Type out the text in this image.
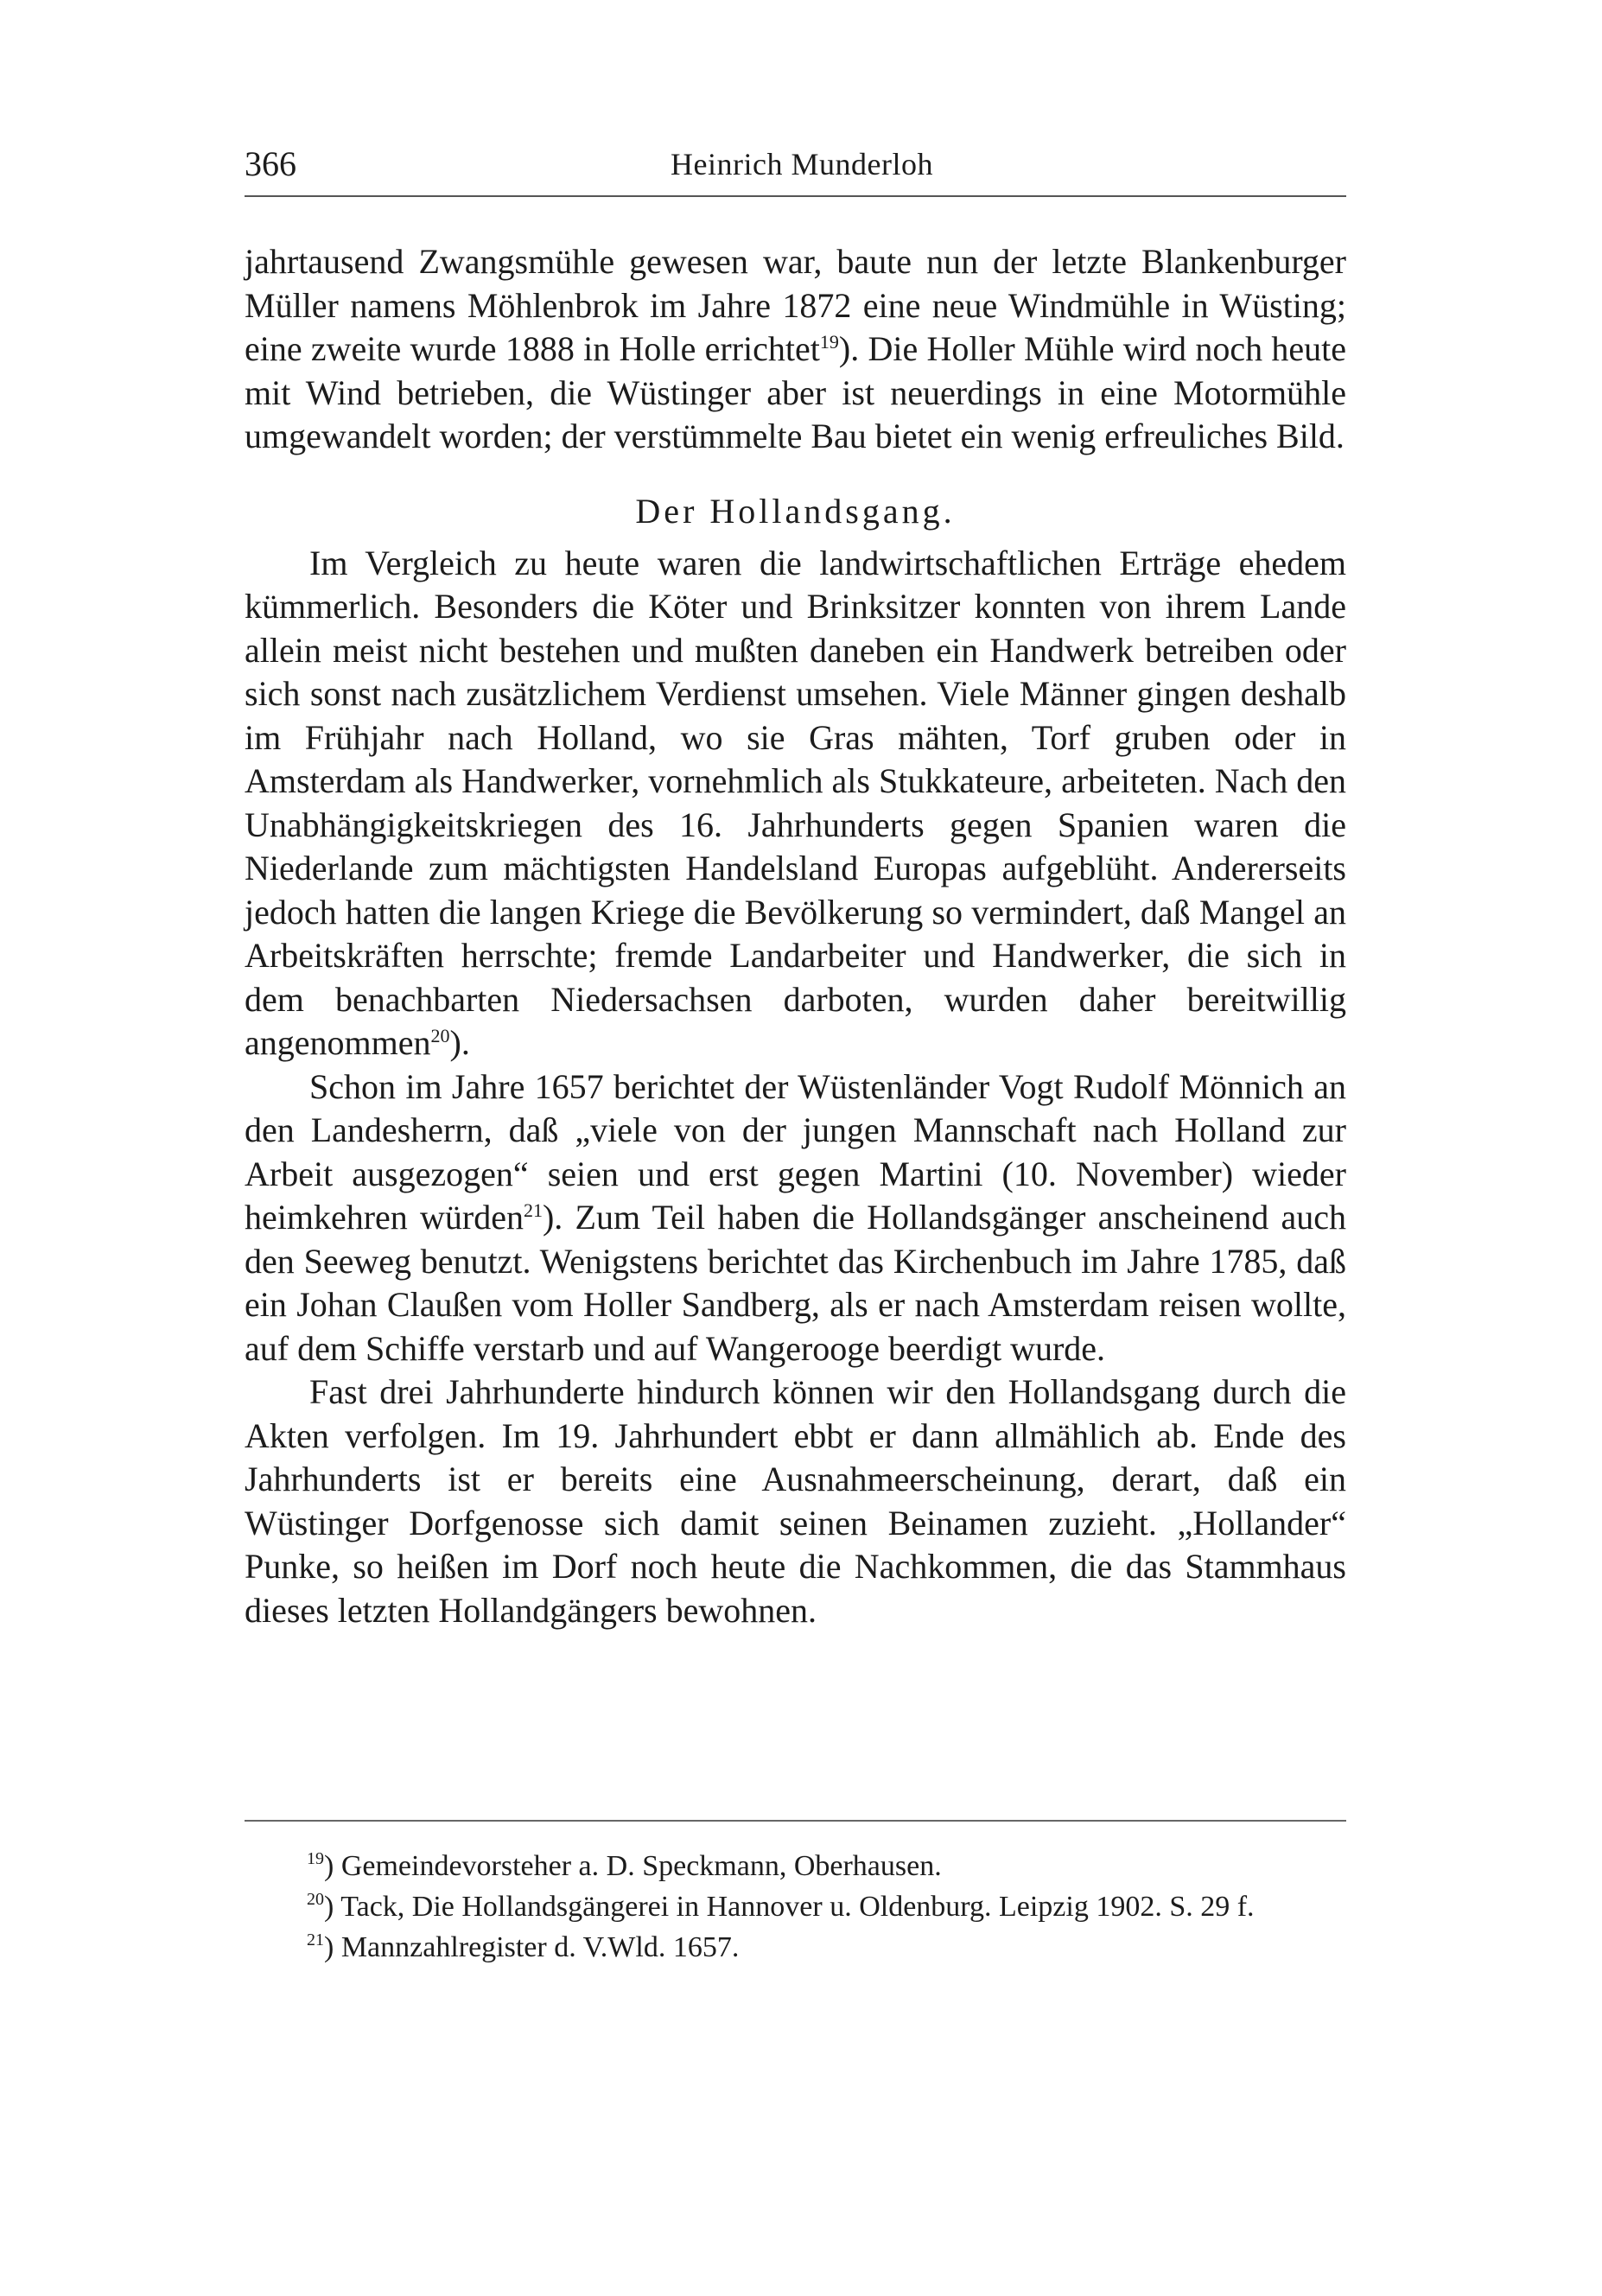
366	Heinrich Munderloh

jahrtausend Zwangsmühle gewesen war, baute nun der letzte Blankenburger Müller namens Möhlenbrok im Jahre 1872 eine neue Windmühle in Wüsting; eine zweite wurde 1888 in Holle errichtet$^{19}$). Die Holler Mühle wird noch heute mit Wind betrieben, die Wüstinger aber ist neuerdings in eine Motormühle umgewandelt worden; der verstümmelte Bau bietet ein wenig erfreuliches Bild.

Der Hollandsgang.

Im Vergleich zu heute waren die landwirtschaftlichen Erträge ehedem kümmerlich. Besonders die Köter und Brinksitzer konnten von ihrem Lande allein meist nicht bestehen und mußten daneben ein Handwerk betreiben oder sich sonst nach zusätzlichem Verdienst umsehen. Viele Männer gingen deshalb im Frühjahr nach Holland, wo sie Gras mähten, Torf gruben oder in Amsterdam als Handwerker, vornehmlich als Stukkateure, arbeiteten. Nach den Unabhängigkeitskriegen des 16. Jahrhunderts gegen Spanien waren die Niederlande zum mächtigsten Handelsland Europas aufgeblüht. Andererseits jedoch hatten die langen Kriege die Bevölkerung so vermindert, daß Mangel an Arbeitskräften herrschte; fremde Landarbeiter und Handwerker, die sich in dem benachbarten Niedersachsen darboten, wurden daher bereitwillig angenommen$^{20}$).

Schon im Jahre 1657 berichtet der Wüstenländer Vogt Rudolf Mönnich an den Landesherrn, daß „viele von der jungen Mannschaft nach Holland zur Arbeit ausgezogen“ seien und erst gegen Martini (10. November) wieder heimkehren würden$^{21}$). Zum Teil haben die Hollandsgänger anscheinend auch den Seeweg benutzt. Wenigstens berichtet das Kirchenbuch im Jahre 1785, daß ein Johan Claußen vom Holler Sandberg, als er nach Amsterdam reisen wollte, auf dem Schiffe verstarb und auf Wangerooge beerdigt wurde.

Fast drei Jahrhunderte hindurch können wir den Hollandsgang durch die Akten verfolgen. Im 19. Jahrhundert ebbt er dann allmählich ab. Ende des Jahrhunderts ist er bereits eine Ausnahmeerscheinung, derart, daß ein Wüstinger Dorfgenosse sich damit seinen Beinamen zuzieht. „Hollander“ Punke, so heißen im Dorf noch heute die Nachkommen, die das Stammhaus dieses letzten Hollandgängers bewohnen.

$^{19}$) Gemeindevorsteher a. D. Speckmann, Oberhausen.

$^{20}$) Tack, Die Hollandsgängerei in Hannover u. Oldenburg. Leipzig 1902. S. 29 f.

$^{21}$) Mannzahlregister d. V.Wld. 1657.
